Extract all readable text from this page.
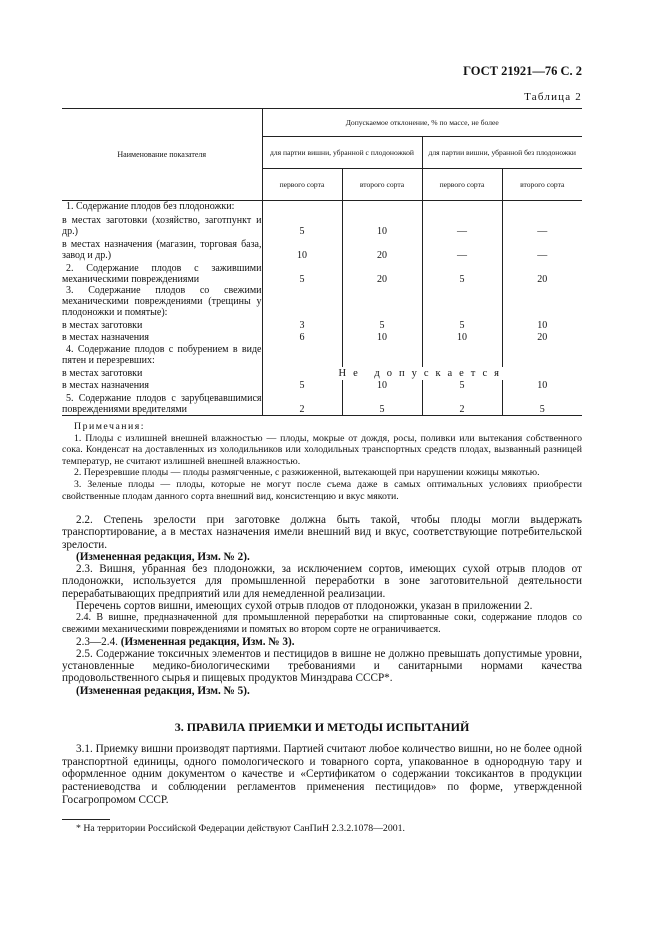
ГОСТ 21921—76 С. 2
Таблица 2
Наименование показателя	Допускаемое отклонение, % по массе, не более			
	для партии вишни, убранной с плодоножкой		для партии вишни, убранной без плодоножки	
	первого сорта	второго сорта	первого сорта	второго сорта
1. Содержание плодов без плодоножки:				
в местах заготовки (хозяйство, заготпункт и др.)	5	10	—	—
в местах назначения (магазин, торговая база, завод и др.)	10	20	—	—
2. Содержание плодов с зажившими механическими повреждениями	5	20	5	20
3. Содержание плодов со свежими механическими повреждениями (трещины у плодоножки и помятые):				
в местах заготовки	3	5	5	10
в местах назначения	6	10	10	20
4. Содержание плодов с побурением в виде пятен и перезревших:				
в местах заготовки	Не допускается			
в местах назначения	5	10	5	10
5. Содержание плодов с зарубцевавшимися повреждениями вредителями	2	5	2	5

Примечания:

1. Плоды с излишней внешней влажностью — плоды, мокрые от дождя, росы, поливки или вытекания собственного сока. Конденсат на доставленных из холодильников или холодильных транспортных средств плодах, вызванный разницей температур, не считают излишней внешней влажностью.

2. Перезревшие плоды — плоды размягченные, с разжиженной, вытекающей при нарушении кожицы мякотью.

3. Зеленые плоды — плоды, которые не могут после съема даже в самых оптимальных условиях приобрести свойственные плодам данного сорта внешний вид, консистенцию и вкус мякоти.

2.2. Степень зрелости при заготовке должна быть такой, чтобы плоды могли выдержать транспортирование, а в местах назначения имели внешний вид и вкус, соответствующие потребительской зрелости.

(Измененная редакция, Изм. № 2).

2.3. Вишня, убранная без плодоножки, за исключением сортов, имеющих сухой отрыв плодов от плодоножки, используется для промышленной переработки в зоне заготовительной деятельности перерабатывающих предприятий или для немедленной реализации.

Перечень сортов вишни, имеющих сухой отрыв плодов от плодоножки, указан в приложении 2.

2.4. В вишне, предназначенной для промышленной переработки на спиртованные соки, содержание плодов со свежими механическими повреждениями и помятых во втором сорте не ограничивается.

2.3—2.4. (Измененная редакция, Изм. № 3).

2.5. Содержание токсичных элементов и пестицидов в вишне не должно превышать допустимые уровни, установленные медико-биологическими требованиями и санитарными нормами качества продовольственного сырья и пищевых продуктов Минздрава СССР*.

(Измененная редакция, Изм. № 5).

3. ПРАВИЛА ПРИЕМКИ И МЕТОДЫ ИСПЫТАНИЙ

3.1. Приемку вишни производят партиями. Партией считают любое количество вишни, но не более одной транспортной единицы, одного помологического и товарного сорта, упакованное в однородную тару и оформленное одним документом о качестве и «Сертификатом о содержании токсикантов в продукции растениеводства и соблюдении регламентов применения пестицидов» по форме, утвержденной Госагропромом СССР.

* На территории Российской Федерации действуют СанПиН 2.3.2.1078—2001.
